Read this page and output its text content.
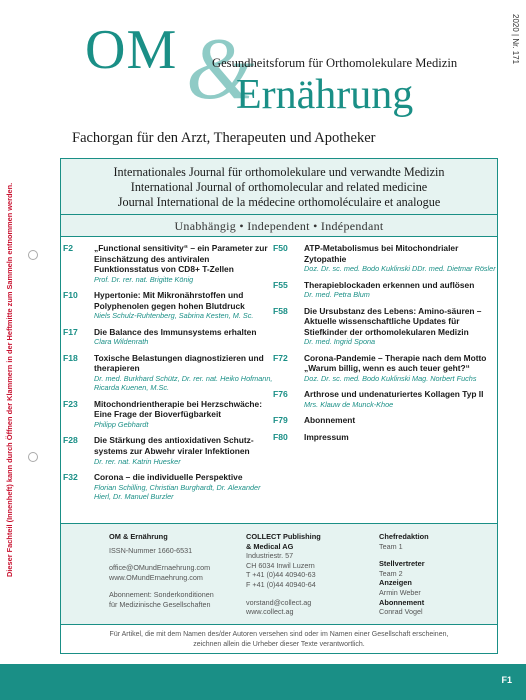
Dieser Fachteil (Innenheft) kann durch Öffnen der Klammern in der Heftmitte zum Sammeln entnommen werden.
2020 | Nr. 171
&
OM	Gesundheitsforum für Orthomolekulare Medizin
Ernährung
Fachorgan für den Arzt, Therapeuten und Apotheker
Internationales Journal für orthomolekulare und verwandte Medizin
International Journal of orthomolecular and related medicine
Journal International de la médecine orthomoléculaire et analogue
Unabhängig • Independent • Indépendant
F2 „Functional sensitivity“ – ein Parameter zur Einschätzung des antiviralen Funktionsstatus von CD8+ T-Zellen
Prof. Dr. rer. nat. Brigitte König
F10 Hypertonie: Mit Mikronährstoffen und Polyphenolen gegen hohen Blutdruck
Niels Schulz-Ruhtenberg, Sabrina Kesten, M. Sc.
F17 Die Balance des Immunsystems erhalten
Clara Wildenrath
F18 Toxische Belastungen diagnostizieren und therapieren
Dr. med. Burkhard Schütz, Dr. rer. nat. Heiko Hofmann, Ricarda Kuenen, M.Sc.
F23 Mitochondrientherapie bei Herzschwäche: Eine Frage der Bioverfügbarkeit
Philipp Gebhardt
F28 Die Stärkung des antioxidativen Schutz-systems zur Abwehr viraler Infektionen
Dr. rer. nat. Katrin Huesker
F32 Corona – die individuelle Perspektive
Florian Schilling, Christian Burghardt, Dr. Alexander Hierl, Dr. Manuel Burzler
F50 ATP-Metabolismus bei Mitochondrialer Zytopathie
Doz. Dr. sc. med. Bodo Kuklinski DDr. med. Dietmar Rösler
F55 Therapieblockaden erkennen und auflösen
Dr. med. Petra Blum
F58 Die Ursubstanz des Lebens: Amino-säuren – Aktuelle wissenschaftliche Updates für Stiefkinder der orthomolekularen Medizin
Dr. med. Ingrid Spona
F72 Corona-Pandemie – Therapie nach dem Motto „Warum billig, wenn es auch teuer geht?“
Doz. Dr. sc. med. Bodo Kuklinski Mag. Norbert Fuchs
F76 Arthrose und undenaturiertes Kollagen Typ II
Mrs. Klauw de Munck-Khoe
F79 Abonnement
F80 Impressum
OM & Ernährung
ISSN-Nummer 1660-6531
office@OMundErnaehrung.com
www.OMundErnaehrung.com
Abonnement: Sonderkonditionen
für Medizinische Gesellschaften
COLLECT Publishing
& Medical AG
Industriestr. 57
CH 6034 Inwil Luzern
T +41 (0)44 40940-63
F +41 (0)44 40940-64
vorstand@collect.ag
www.collect.ag
Chefredaktion
Team 1
Stellvertreter
Team 2
Anzeigen
Armin Weber
Abonnement
Conrad Vogel
Für Artikel, die mit dem Namen des/der Autoren versehen sind oder im Namen einer Gesellschaft erscheinen,
zeichnen allein die Urheber dieser Texte verantwortlich.
F1
